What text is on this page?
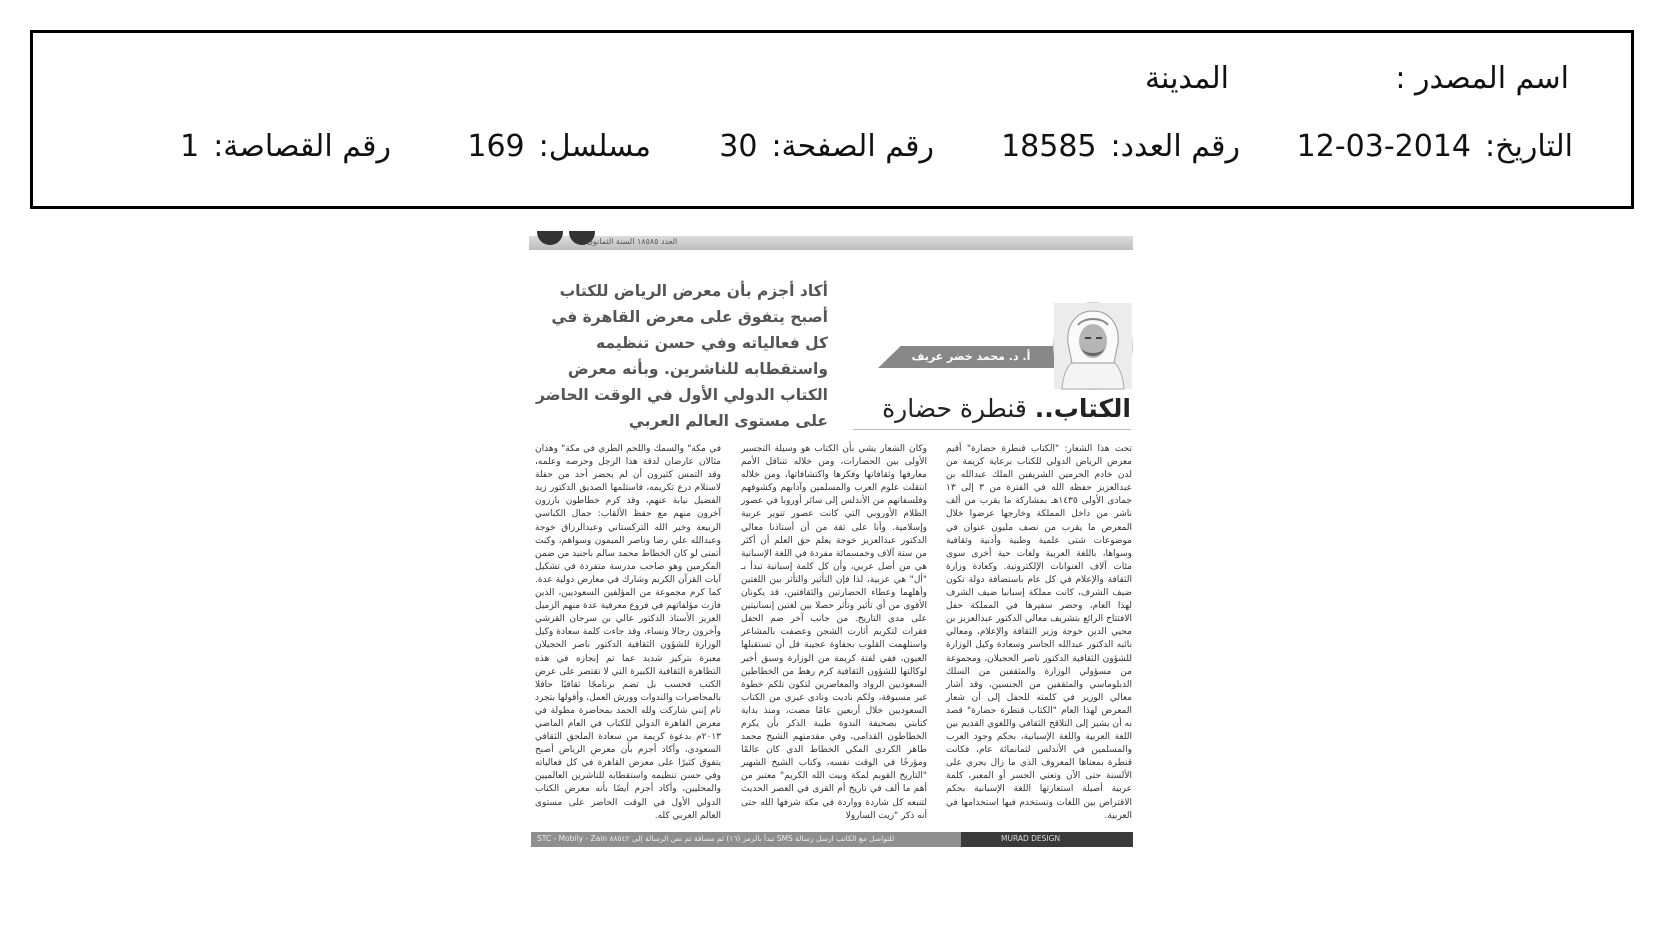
اسم المصدر :
المدينة
التاريخ:2014-03-12
رقم العدد:18585
رقم الصفحة:30
مسلسل:169
رقم القصاصة:1
العدد ١٨٥٨٥ السنة الثمانون
أكاد أجزم بأن معرض الرياض للكتاب أصبح يتفوق على معرض القاهرة في كل فعالياته وفي حسن تنظيمه واستقطابه للناشرين. وبأنه معرض الكتاب الدولي الأول في الوقت الحاضر على مستوى العالم العربي
أ. د. محمد خضر عريف
الكتاب.. قنطرة حضارة
تحت هذا الشعار: "الكتاب قنطرة حضارة" أقيم معرض الرياض الدولي للكتاب برعاية كريمة من لدن خادم الحرمين الشريفين الملك عبدالله بن عبدالعزيز حفظه الله في الفترة من ٣ إلى ١٣ جمادى الأولى ١٤٣٥هـ بمشاركة ما يقرب من ألف ناشر من داخل المملكة وخارجها عرضوا خلال المعرض ما يقرب من نصف مليون عنوان في موضوعات شتى علمية وطبية وأدبية وثقافية وسواها، باللغة العربية ولغات حية أخرى سوى مئات آلاف العنوانات الإلكترونية. وكعادة وزارة الثقافة والإعلام في كل عام باستضافة دولة تكون ضيف الشرف، كانت مملكة إسبانيا ضيف الشرف لهذا العام، وحضر سفيرها في المملكة حفل الافتتاح الرائع بتشريف معالي الدكتور عبدالعزيز بن محيي الدين خوجة وزير الثقافة والإعلام، ومعالي نائبه الدكتور عبدالله الجاسر وسعادة وكيل الوزارة للشؤون الثقافية الدكتور ناصر الحجيلان، ومجموعة من مسؤولي الوزارة والمثقفين من السلك الدبلوماسي والمثقفين من الجنسين، وقد أشار معالي الوزير في كلمته للحفل إلى أن شعار المعرض لهذا العام "الكتاب قنطرة حضارة" قصد به أن يشير إلى التلاقح الثقافي واللغوي القديم بين اللغة العربية واللغة الإسبانية، بحكم وجود العرب والمسلمين في الأندلس لثمانمائة عام، فكانت قنطرة بمعناها المعروف الذي ما زال يجري على الألسنة حتى الآن وتعني الجسر أو المعبر، كلمة عربية أصيلة استعارتها اللغة الإسبانية بحكم الاقتراض بين اللغات وتستخدم فيها استخدامها في العربية.
وكان الشعار يشي بأن الكتاب هو وسيلة التجسير الأولى بين الحضارات، ومن خلاله تتناقل الأمم معارفها وثقافاتها وفكرها واكتشافاتها، ومن خلاله انتقلت علوم العرب والمسلمين وآدابهم وكشوفهم وفلسفاتهم من الأندلس إلى سائر أوروبا في عصور الظلام الأوروبي التي كانت عصور تنوير عربية وإسلامية. وأنا على ثقة من أن أستاذنا معالي الدكتور عبدالعزيز خوجة يعلم حق العلم أن أكثر من ستة آلاف وخمسمائة مفردة في اللغة الإسبانية هي من أصل عربي، وأن كل كلمة إسبانية تبدأ بـ "أل" هي عربية، لذا فإن التأثير والتأثر بين اللغتين وأهلهما وعطاء الحضارتين والثقافتين، قد يكونان الأقوى من أي تأثير وتأثر حصلا بين لغتين إنسانيتين على مدى التاريخ. من جانب آخر ضم الحفل فقرات لتكريم أثارت الشجن وعصفت بالمشاعر واستلهمت القلوب بحفاوة عجيبة قل أن تستقبلها العيون، ففي لفتة كريمة من الوزارة وسبق أخير لوكالتها للشؤون الثقافية كرم رهط من الخطاطين السعوديين الرواد والمعاصرين لتكون تلكم خطوة غير مسبوقة، ولكم ناديت ونادى غيري من الكتاب السعوديين خلال أربعين عامًا مضت، ومنذ بداية كتابتي بصحيفة الندوة طيبة الذكر بأن يكرم الخطاطون القدامى، وفي مقدمتهم الشيخ محمد طاهر الكردي المكي الخطاط الذي كان عالمًا ومؤرخًا في الوقت نفسه، وكتاب الشيخ الشهير "التاريخ القويم لمكة وبيت الله الكريم" معتبر من أهم ما ألف في تاريخ أم القرى في العصر الحديث لتنبعه كل شاردة وواردة في مكة شرفها الله حتى أنه ذكر "زيت السارولا
في مكة" والسمك واللحم الطري في مكة" وهذان مثالان عارضان لدقة هذا الرجل وحرصه وعلمه، وقد التمس كثيرون أن لم يحضر أحد من حفلة لاستلام درع تكريمه، فاستلمها الصديق الدكتور زيد الفضيل نيابة عنهم، وقد كرم خطاطون بارزون آخرون منهم مع حفظ الألقاب: جمال الكباسي الربيعة وخير الله التركستاني وعبدالرزاق خوجة وعبدالله علي رضا وناصر الميمون وسواهم، وكنت أتمنى لو كان الخطاط محمد سالم باجنيد من ضمن المكرمين وهو صاحب مدرسة متفردة في تشكيل آيات القرآن الكريم وشارك في معارض دولية عدة. كما كرم مجموعة من المؤلفين السعوديين، الذين فازت مؤلفاتهم في فروع معرفية عدة منهم الزميل العزيز الأستاذ الدكتور عالي بن سرحان القرشي وآخرون رجالا ونساء، وقد جاءت كلمة سعادة وكيل الوزارة للشؤون الثقافية الدكتور ناصر الحجيلان معبرة بتركيز شديد عما تم إنجازه في هذه التظاهرة الثقافية الكبيرة التي لا تقتصر على عرض الكتب فحسب بل تضم برنامجًا ثقافيًا حافلا بالمحاضرات والندوات وورش العمل، وأقولها بتجرد تام إنني شاركت ولله الحمد بمحاضرة مطولة في معرض القاهرة الدولي للكتاب في العام الماضي ٢٠١٣م بدعوة كريمة من سعادة الملحق الثقافي السعودي، وأكاد أجزم بأن معرض الرياض أصبح يتفوق كثيرًا على معرض القاهرة في كل فعالياته وفي حسن تنظيمه واستقطابه للناشرين العالميين والمحليين، وأكاد أجزم أيضًا بأنه معرض الكتاب الدولي الأول في الوقت الحاضر على مستوى العالم العربي كله.
للتواصل مع الكاتب ارسل رسالة SMS تبدأ بالرمز (١٦) ثم مسافة ثم نص الرسالة إلى ٨٨٥٤٢ STC - Mobily - Zain	MURAD DESIGN
